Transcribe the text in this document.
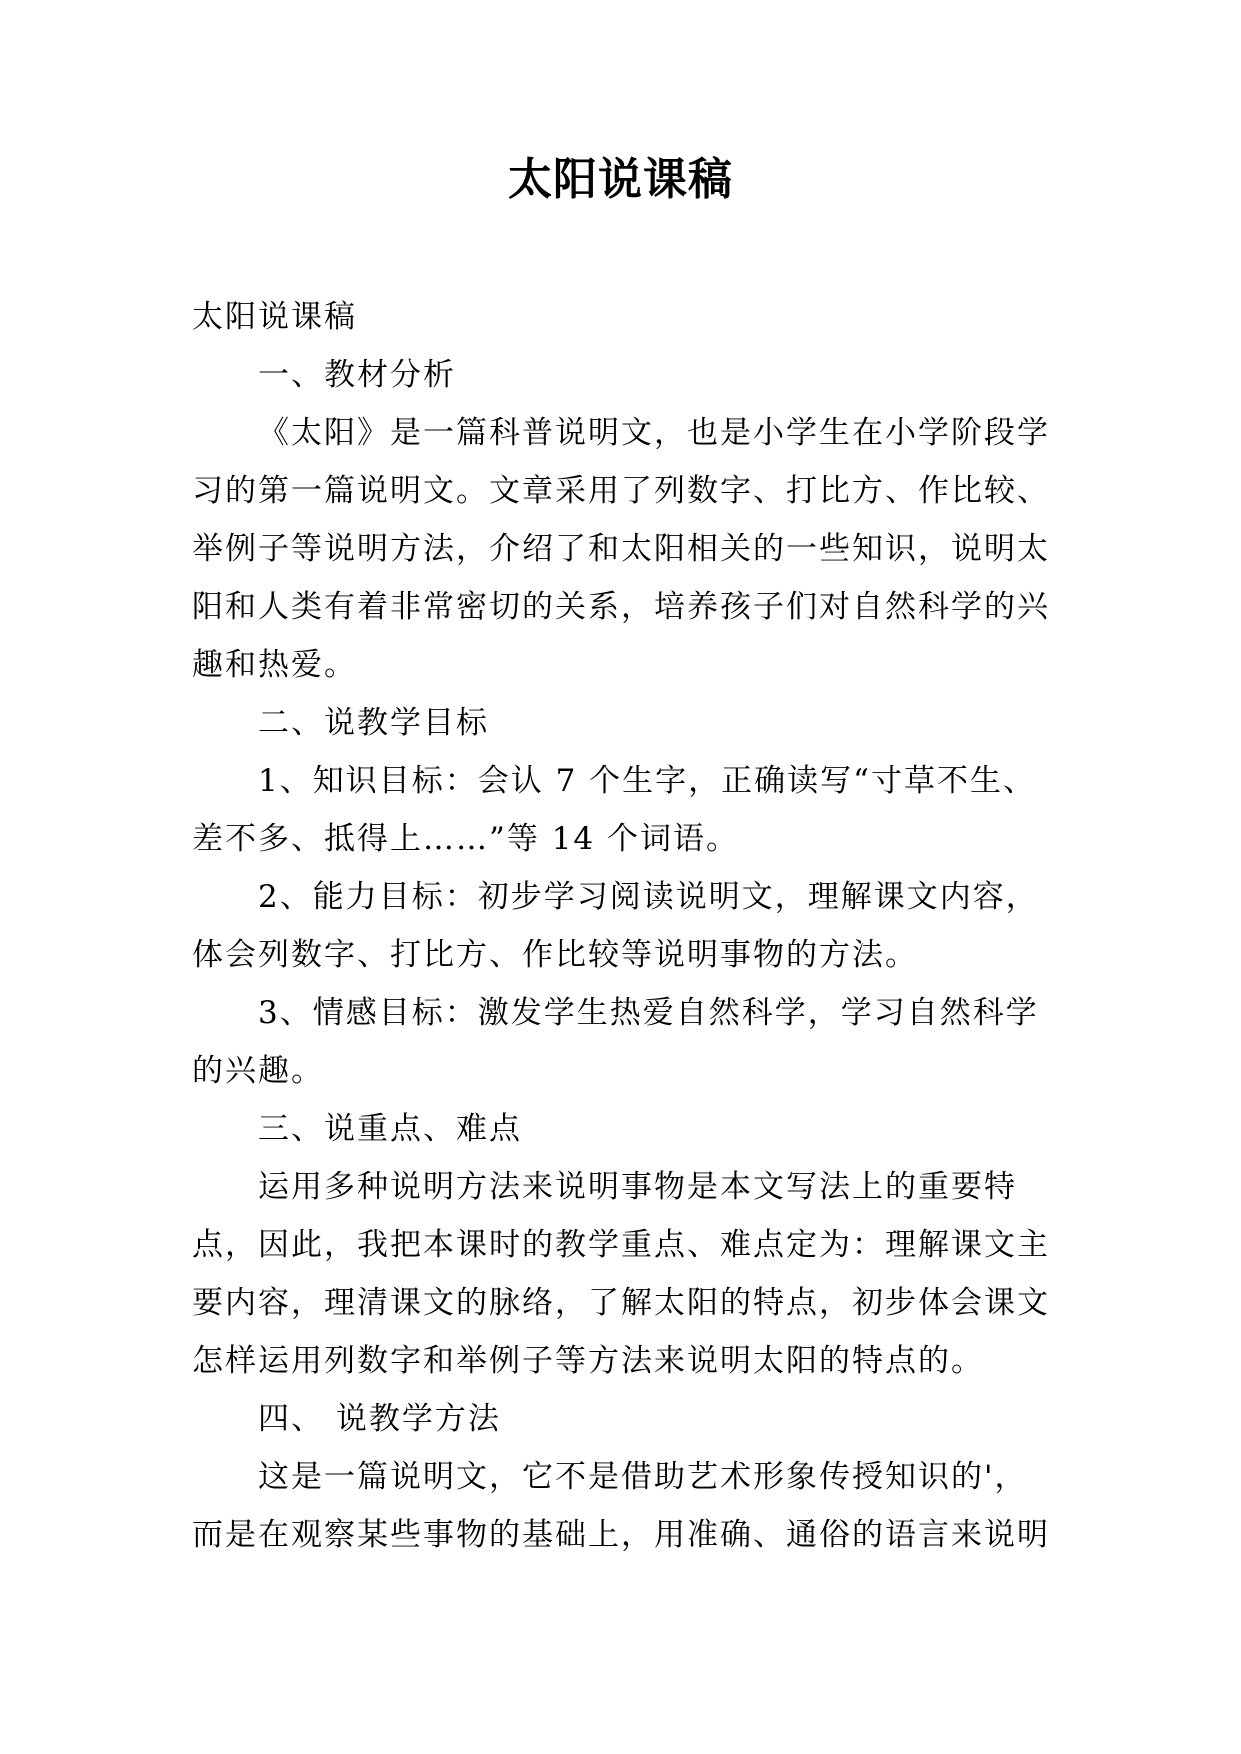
太阳说课稿
太阳说课稿
一、教材分析
《太阳》是一篇科普说明文，也是小学生在小学阶段学
习的第一篇说明文。文章采用了列数字、打比方、作比较、
举例子等说明方法，介绍了和太阳相关的一些知识，说明太
阳和人类有着非常密切的关系，培养孩子们对自然科学的兴
趣和热爱。
二、说教学目标
1、知识目标：会认 7 个生字，正确读写“寸草不生、
差不多、抵得上……”等 14 个词语。
2、能力目标：初步学习阅读说明文，理解课文内容，
体会列数字、打比方、作比较等说明事物的方法。
3、情感目标：激发学生热爱自然科学，学习自然科学
的兴趣。
三、说重点、难点
运用多种说明方法来说明事物是本文写法上的重要特
点，因此，我把本课时的教学重点、难点定为：理解课文主
要内容，理清课文的脉络，了解太阳的特点，初步体会课文
怎样运用列数字和举例子等方法来说明太阳的特点的。
四、 说教学方法
这是一篇说明文，它不是借助艺术形象传授知识的'，
而是在观察某些事物的基础上，用准确、通俗的语言来说明
